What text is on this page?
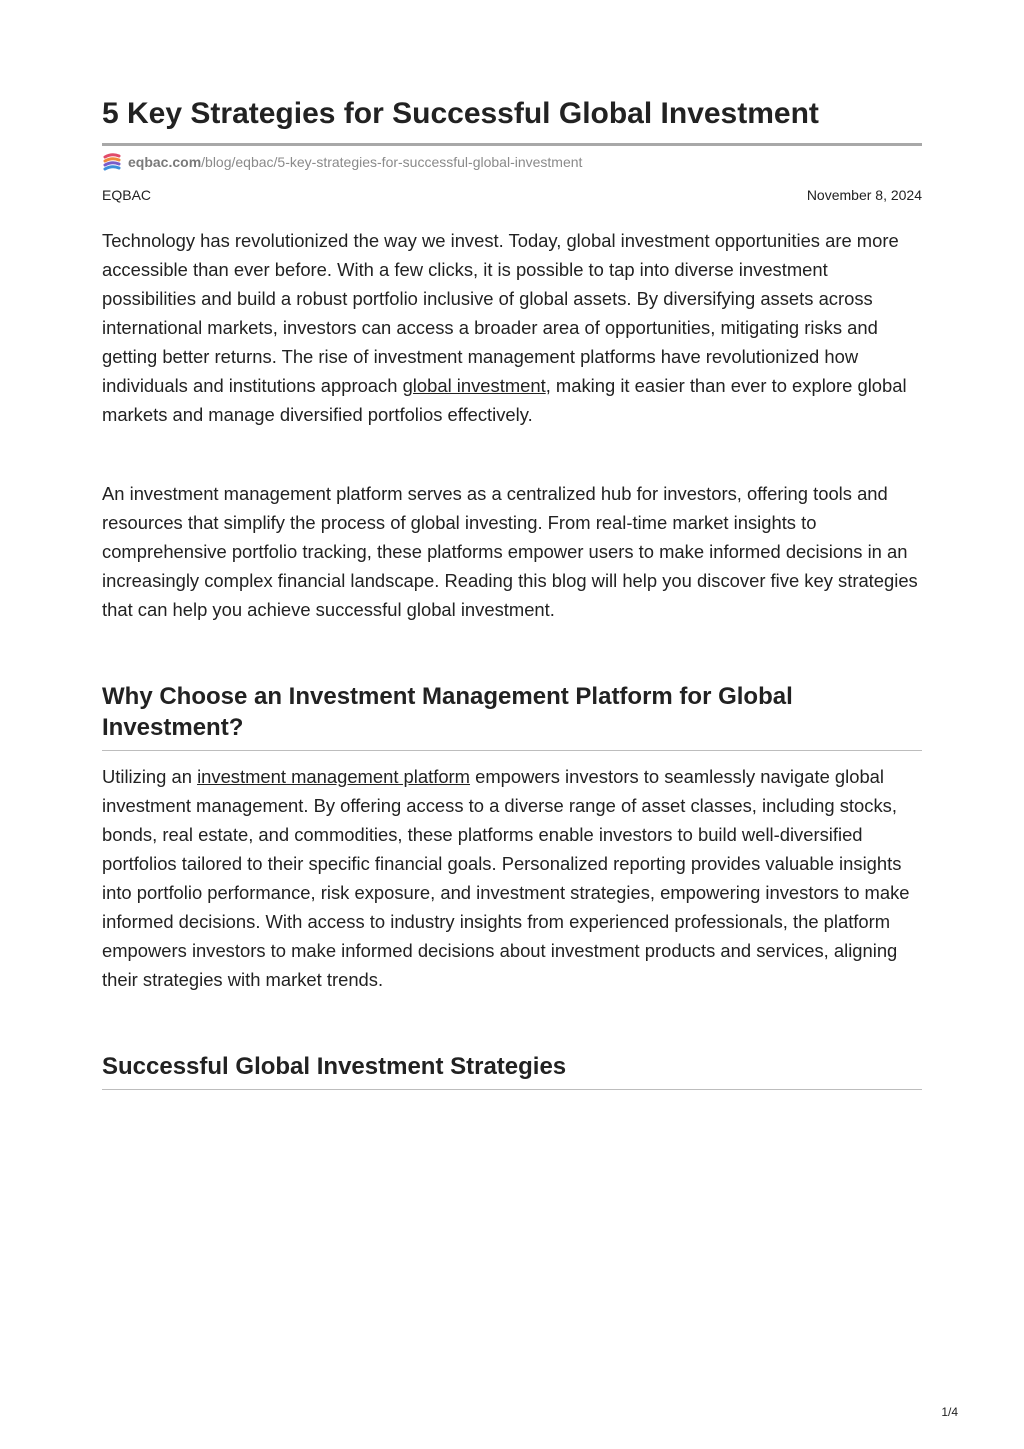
5 Key Strategies for Successful Global Investment
eqbac.com /blog/eqbac/5-key-strategies-for-successful-global-investment
EQBAC	November 8, 2024

Technology has revolutionized the way we invest. Today, global investment opportunities are more accessible than ever before. With a few clicks, it is possible to tap into diverse investment possibilities and build a robust portfolio inclusive of global assets. By diversifying assets across international markets, investors can access a broader area of opportunities, mitigating risks and getting better returns. The rise of investment management platforms have revolutionized how individuals and institutions approach global investment, making it easier than ever to explore global markets and manage diversified portfolios effectively.

An investment management platform serves as a centralized hub for investors, offering tools and resources that simplify the process of global investing. From real-time market insights to comprehensive portfolio tracking, these platforms empower users to make informed decisions in an increasingly complex financial landscape. Reading this blog will help you discover five key strategies that can help you achieve successful global investment.

Why Choose an Investment Management Platform for Global Investment?

Utilizing an investment management platform empowers investors to seamlessly navigate global investment management. By offering access to a diverse range of asset classes, including stocks, bonds, real estate, and commodities, these platforms enable investors to build well-diversified portfolios tailored to their specific financial goals. Personalized reporting provides valuable insights into portfolio performance, risk exposure, and investment strategies, empowering investors to make informed decisions. With access to industry insights from experienced professionals, the platform empowers investors to make informed decisions about investment products and services, aligning their strategies with market trends.

Successful Global Investment Strategies
1/4
